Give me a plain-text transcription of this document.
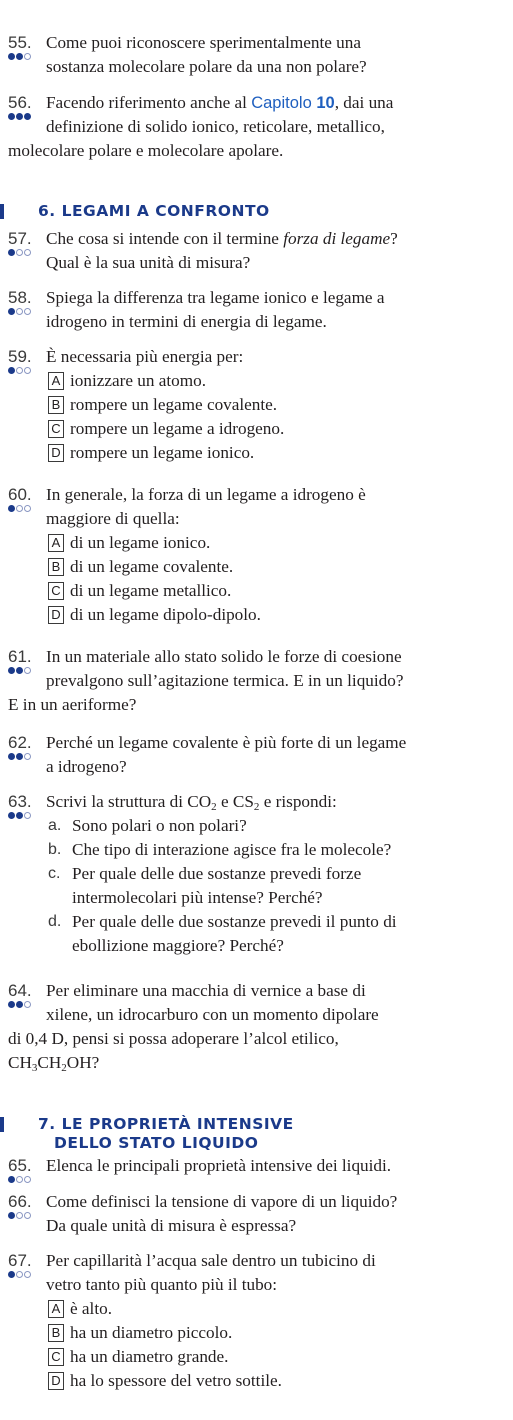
55. Come puoi riconoscere sperimentalmente una
sostanza molecolare polare da una non polare?
56. Facendo riferimento anche al Capitolo 10, dai una
definizione di solido ionico, reticolare, metallico,
molecolare polare e molecolare apolare.
6. LEGAMI A CONFRONTO
57. Che cosa si intende con il termine forza di legame?
Qual è la sua unità di misura?
58. Spiega la differenza tra legame ionico e legame a
idrogeno in termini di energia di legame.
59. È necessaria più energia per:
A ionizzare un atomo.
B rompere un legame covalente.
C rompere un legame a idrogeno.
D rompere un legame ionico.
60. In generale, la forza di un legame a idrogeno è
maggiore di quella:
A di un legame ionico.
B di un legame covalente.
C di un legame metallico.
D di un legame dipolo-dipolo.
61. In un materiale allo stato solido le forze di coesione
prevalgono sull’agitazione termica. E in un liquido?
E in un aeriforme?
62. Perché un legame covalente è più forte di un legame
a idrogeno?
63. Scrivi la struttura di $CO_2$ e $CS_2$ e rispondi:
a. Sono polari o non polari?
b. Che tipo di interazione agisce fra le molecole?
c. Per quale delle due sostanze prevedi forze
intermolecolari più intense? Perché?
d. Per quale delle due sostanze prevedi il punto di
ebollizione maggiore? Perché?
64. Per eliminare una macchia di vernice a base di
xilene, un idrocarburo con un momento dipolare
di 0,4 D, pensi si possa adoperare l’alcol etilico,
$CH_3CH_2OH$?
7. LE PROPRIETÀ INTENSIVE
DELLO STATO LIQUIDO
65. Elenca le principali proprietà intensive dei liquidi.
66. Come definisci la tensione di vapore di un liquido?
Da quale unità di misura è espressa?
67. Per capillarità l’acqua sale dentro un tubicino di
vetro tanto più quanto più il tubo:
A è alto.
B ha un diametro piccolo.
C ha un diametro grande.
D ha lo spessore del vetro sottile.
